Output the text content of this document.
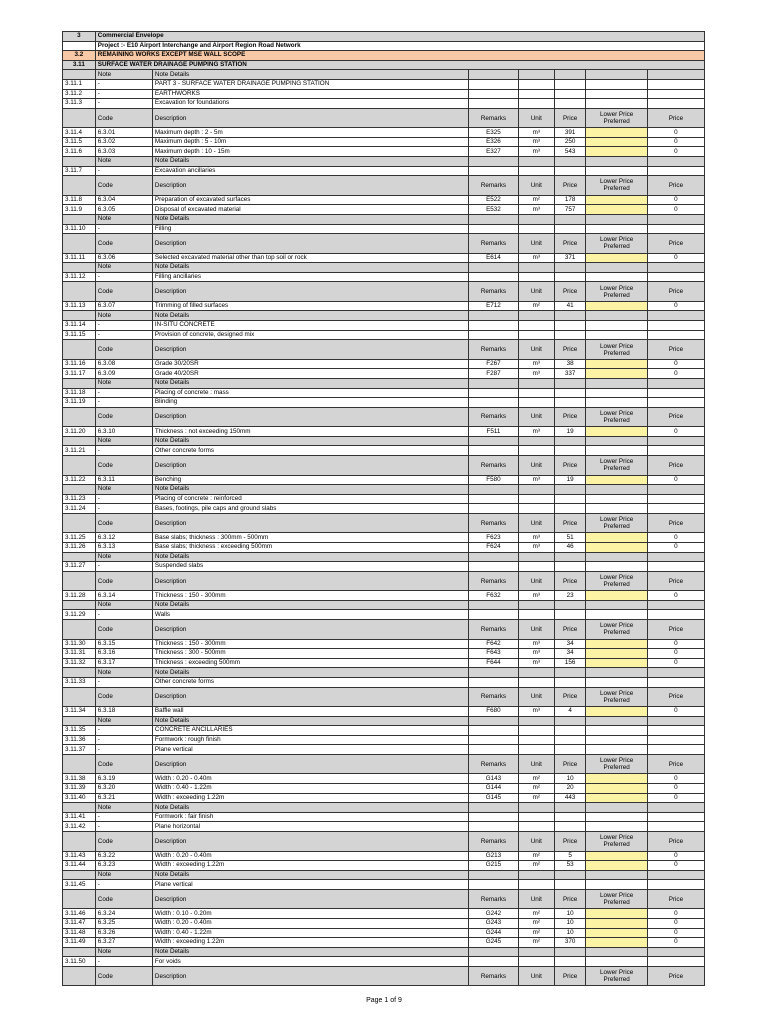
3	Commercial Envelope						
	Project :- E10 Airport Interchange and Airport Region Road Network						
3.2	REMAINING WORKS EXCEPT MSE WALL SCOPE						
3.11	SURFACE WATER DRAINAGE PUMPING STATION						
	Note	Note Details					
3.11.1	-	PART 3 - SURFACE WATER DRAINAGE PUMPING STATION					
3.11.2	-	EARTHWORKS					
3.11.3	-	Excavation for foundations					
	Code	Description	Remarks	Unit	Price	Lower Price Preferred	Price
3.11.4	6.3.01	Maximum depth : 2 - 5m	E325	m³	391		0
3.11.5	6.3.02	Maximum depth : 5 - 10m	E326	m³	250		0
3.11.6	6.3.03	Maximum depth : 10 - 15m	E327	m³	543		0
	Note	Note Details					
3.11.7	-	Excavation ancillaries					
	Code	Description	Remarks	Unit	Price	Lower Price Preferred	Price
3.11.8	6.3.04	Preparation of excavated surfaces	E522	m²	178		0
3.11.9	6.3.05	Disposal of excavated material	E532	m³	757		0
	Note	Note Details					
3.11.10	-	Filling					
	Code	Description	Remarks	Unit	Price	Lower Price Preferred	Price
3.11.11	6.3.06	Selected excavated material other than top soil or rock	E614	m³	371		0
	Note	Note Details					
3.11.12	-	Filling ancillaries					
	Code	Description	Remarks	Unit	Price	Lower Price Preferred	Price
3.11.13	6.3.07	Trimming of filled surfaces	E712	m²	41		0
	Note	Note Details					
3.11.14	-	IN-SITU CONCRETE					
3.11.15	-	Provision of concrete, designed mix					
	Code	Description	Remarks	Unit	Price	Lower Price Preferred	Price
3.11.16	6.3.08	Grade 30/20SR	F267	m³	38		0
3.11.17	6.3.09	Grade 40/20SR	F287	m³	337		0
	Note	Note Details					
3.11.18	-	Placing of concrete : mass					
3.11.19	-	Blinding					
	Code	Description	Remarks	Unit	Price	Lower Price Preferred	Price
3.11.20	6.3.10	Thickness : not exceeding 150mm	F511	m³	19		0
	Note	Note Details					
3.11.21	-	Other concrete forms					
	Code	Description	Remarks	Unit	Price	Lower Price Preferred	Price
3.11.22	6.3.11	Benching	F580	m³	19		0
	Note	Note Details					
3.11.23	-	Placing of concrete : reinforced					
3.11.24	-	Bases, footings, pile caps and ground slabs					
	Code	Description	Remarks	Unit	Price	Lower Price Preferred	Price
3.11.25	6.3.12	Base slabs; thickness : 300mm - 500mm	F623	m³	51		0
3.11.26	6.3.13	Base slabs; thickness : exceeding 500mm	F624	m³	46		0
	Note	Note Details					
3.11.27	-	Suspended slabs					
	Code	Description	Remarks	Unit	Price	Lower Price Preferred	Price
3.11.28	6.3.14	Thickness : 150 - 300mm	F632	m³	23		0
	Note	Note Details					
3.11.29	-	Walls					
	Code	Description	Remarks	Unit	Price	Lower Price Preferred	Price
3.11.30	6.3.15	Thickness : 150 - 300mm	F642	m³	34		0
3.11.31	6.3.16	Thickness : 300 - 500mm	F643	m³	34		0
3.11.32	6.3.17	Thickness : exceeding 500mm	F644	m³	156		0
	Note	Note Details					
3.11.33	-	Other concrete forms					
	Code	Description	Remarks	Unit	Price	Lower Price Preferred	Price
3.11.34	6.3.18	Baffle wall	F680	m³	4		0
	Note	Note Details					
3.11.35	-	CONCRETE ANCILLARIES					
3.11.36	-	Formwork : rough finish					
3.11.37	-	Plane vertical					
	Code	Description	Remarks	Unit	Price	Lower Price Preferred	Price
3.11.38	6.3.19	Width : 0.20 - 0.40m	G143	m²	10		0
3.11.39	6.3.20	Width : 0.40 - 1.22m	G144	m²	20		0
3.11.40	6.3.21	Width : exceeding 1.22m	G145	m²	443		0
	Note	Note Details					
3.11.41	-	Formwork : fair finish					
3.11.42	-	Plane horizontal					
	Code	Description	Remarks	Unit	Price	Lower Price Preferred	Price
3.11.43	6.3.22	Width : 0.20 - 0.40m	G213	m²	5		0
3.11.44	6.3.23	Width : exceeding 1.22m	G215	m²	53		0
	Note	Note Details					
3.11.45	-	Plane vertical					
	Code	Description	Remarks	Unit	Price	Lower Price Preferred	Price
3.11.46	6.3.24	Width : 0.10 - 0.20m	G242	m²	10		0
3.11.47	6.3.25	Width : 0.20 - 0.40m	G243	m²	10		0
3.11.48	6.3.26	Width : 0.40 - 1.22m	G244	m²	10		0
3.11.49	6.3.27	Width : exceeding 1.22m	G245	m²	370		0
	Note	Note Details					
3.11.50	-	For voids					
	Code	Description	Remarks	Unit	Price	Lower Price Preferred	Price
Page 1 of 9
